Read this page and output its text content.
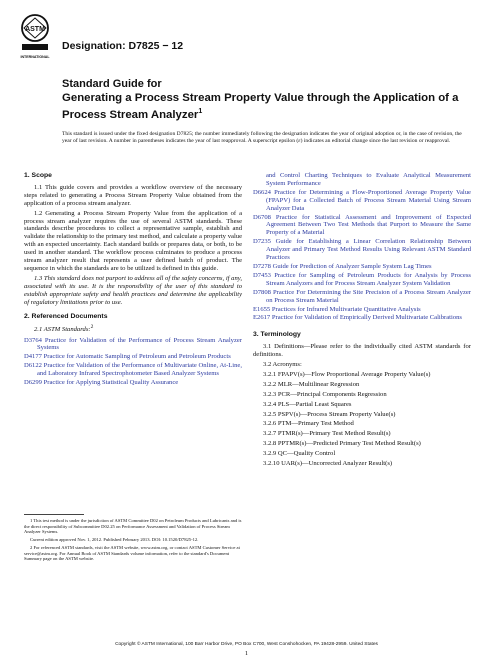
ASTM
INTERNATIONAL
Designation: D7825 − 12
Standard Guide for
Generating a Process Stream Property Value through the Application of a Process Stream Analyzer$^1$
This standard is issued under the fixed designation D7825; the number immediately following the designation indicates the year of original adoption or, in the case of revision, the year of last revision. A number in parentheses indicates the year of last reapproval. A superscript epsilon (ε) indicates an editorial change since the last revision or reapproval.
1. Scope

1.1 This guide covers and provides a workflow overview of the necessary steps related to generating a Process Stream Property Value obtained from the application of a process stream analyzer.

1.2 Generating a Process Stream Property Value from the application of a process stream analyzer requires the use of several ASTM standards. These standards describe procedures to collect a representative sample, establish and validate the relationship to the primary test method, and calculate a property value with an expected uncertainty. Each standard builds or prepares data, or both, to be used in another standard. The workflow process culminates to produce a process stream analyzer result that represents a user defined batch of product. The sequence in which the standards are to be utilized is defined in this guide.

1.3 This standard does not purport to address all of the safety concerns, if any, associated with its use. It is the responsibility of the user of this standard to establish appropriate safety and health practices and determine the applicability of regulatory limitations prior to use.

2. Referenced Documents

2.1 ASTM Standards:$^2$

D3764 Practice for Validation of the Performance of Process Stream Analyzer Systems
D4177 Practice for Automatic Sampling of Petroleum and Petroleum Products
D6122 Practice for Validation of the Performance of Multivariate Online, At-Line, and Laboratory Infrared Spectrophotometer Based Analyzer Systems
D6299 Practice for Applying Statistical Quality Assurance
and Control Charting Techniques to Evaluate Analytical Measurement System Performance
D6624 Practice for Determining a Flow-Proportioned Average Property Value (FPAPV) for a Collected Batch of Process Stream Material Using Stream Analyzer Data
D6708 Practice for Statistical Assessment and Improvement of Expected Agreement Between Two Test Methods that Purport to Measure the Same Property of a Material
D7235 Guide for Establishing a Linear Correlation Relationship Between Analyzer and Primary Test Method Results Using Relevant ASTM Standard Practices
D7278 Guide for Prediction of Analyzer Sample System Lag Times
D7453 Practice for Sampling of Petroleum Products for Analysis by Process Stream Analyzers and for Process Stream Analyzer System Validation
D7808 Practice For Determining the Site Precision of a Process Stream Analyzer on Process Stream Material
E1655 Practices for Infrared Multivariate Quantitative Analysis
E2617 Practice for Validation of Empirically Derived Multivariate Calibrations
3. Terminology

3.1 Definitions—Please refer to the individually cited ASTM standards for definitions.

3.2 Acronyms:

3.2.1 FPAPV(s)—Flow Proportional Average Property Value(s)

3.2.2 MLR—Multilinear Regression

3.2.3 PCR—Principal Components Regression

3.2.4 PLS—Partial Least Squares

3.2.5 PSPV(s)—Process Stream Property Value(s)

3.2.6 PTM—Primary Test Method

3.2.7 PTMR(s)—Primary Test Method Result(s)

3.2.8 PPTMR(s)—Predicted Primary Test Method Result(s)

3.2.9 QC—Quality Control

3.2.10 UAR(s)—Uncorrected Analyzer Result(s)

1 This test method is under the jurisdiction of ASTM Committee D02 on Petroleum Products and Lubricants and is the direct responsibility of Subcommittee D02.25 on Performance Assessment and Validation of Process Stream Analyzer Systems.

Current edition approved Nov. 1, 2012. Published February 2013. DOI: 10.1520/D7825-12.

2 For referenced ASTM standards, visit the ASTM website, www.astm.org, or contact ASTM Customer Service at service@astm.org. For Annual Book of ASTM Standards volume information, refer to the standard's Document Summary page on the ASTM website.

Copyright © ASTM International, 100 Barr Harbor Drive, PO Box C700, West Conshohocken, PA 19428-2959. United States
1
